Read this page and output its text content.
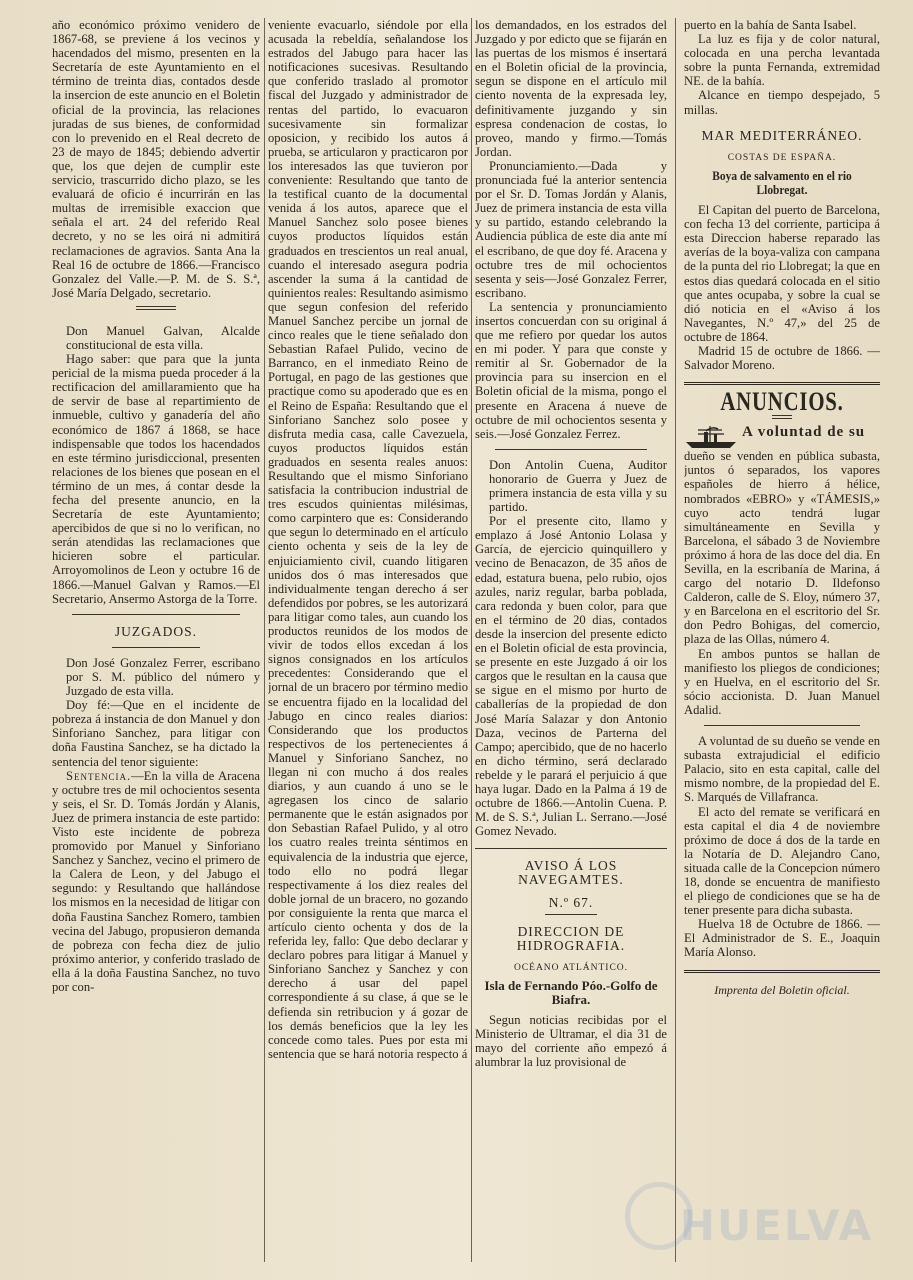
año económico próximo venidero de 1867-68, se previene á los vecinos y hacendados del mismo, presenten en la Secretaría de este Ayuntamiento en el término de treinta dias, contados desde la insercion de este anuncio en el Boletin oficial de la provincia, las relaciones juradas de sus bienes, de conformidad con lo prevenido en el Real decreto de 23 de mayo de 1845; debiendo advertir que, los que dejen de cumplir este servicio, trascurrido dicho plazo, se les evaluará de oficio é incurrirán en las multas de irremisible exaccion que señala el art. 24 del referido Real decreto, y no se les oirá ni admitirá reclamaciones de agravios. Santa Ana la Real 16 de octubre de 1866.—Francisco Gonzalez del Valle.—P. M. de S. S.ª, José María Delgado, secretario.

Don Manuel Galvan, Alcalde constitucional de esta villa.

Hago saber: que para que la junta pericial de la misma pueda proceder á la rectificacion del amillaramiento que ha de servir de base al repartimiento de inmueble, cultivo y ganadería del año económico de 1867 á 1868, se hace indispensable que todos los hacendados en este término jurisdiccional, presenten relaciones de los bienes que posean en el término de un mes, á contar desde la fecha del presente anuncio, en la Secretaría de este Ayuntamiento; apercibidos de que si no lo verifican, no serán atendidas las reclamaciones que hicieren sobre el particular. Arroyomolinos de Leon y octubre 16 de 1866.—Manuel Galvan y Ramos.—El Secretario, Ansermo Astorga de la Torre.

JUZGADOS.

Don José Gonzalez Ferrer, escribano por S. M. público del número y Juzgado de esta villa.

Doy fé:—Que en el incidente de pobreza á instancia de don Manuel y don Sinforiano Sanchez, para litigar con doña Faustina Sanchez, se ha dictado la sentencia del tenor siguiente:

Sentencia.—En la villa de Aracena y octubre tres de mil ochocientos sesenta y seis, el Sr. D. Tomás Jordán y Alanis, Juez de primera instancia de este partido: Visto este incidente de pobreza promovido por Manuel y Sinforiano Sanchez y Sanchez, vecino el primero de la Calera de Leon, y del Jabugo el segundo: y Resultando que hallándose los mismos en la necesidad de litigar con doña Faustina Sanchez Romero, tambien vecina del Jabugo, propusieron demanda de pobreza con fecha diez de julio próximo anterior, y conferido traslado de ella á la doña Faustina Sanchez, no tuvo por con-

veniente evacuarlo, siéndole por ella acusada la rebeldía, señalandose los estrados del Jabugo para hacer las notificaciones sucesivas. Resultando que conferido traslado al promotor fiscal del Juzgado y administrador de rentas del partido, lo evacuaron sucesivamente sin formalizar oposicion, y recibido los autos á prueba, se articularon y practicaron por los interesados las que tuvieron por conveniente: Resultando que tanto de la testifical cuanto de la documental venida á los autos, aparece que el Manuel Sanchez solo posee bienes cuyos productos líquidos están graduados en trescientos un real anual, cuando el interesado asegura podria ascender la suma á la cantidad de quinientos reales: Resultando asimismo que segun confesion del referido Manuel Sanchez percibe un jornal de cinco reales que le tiene señalado don Sebastian Rafael Pulido, vecino de Barranco, en el inmediato Reino de Portugal, en pago de las gestiones que practique como su apoderado que es en el Reino de España: Resultando que el Sinforiano Sanchez solo posee y disfruta media casa, calle Cavezuela, cuyos productos líquidos están graduados en sesenta reales anuos: Resultando que el mismo Sinforiano satisfacia la contribucion industrial de tres escudos quinientas milésimas, como carpintero que es: Considerando que segun lo determinado en el artículo ciento ochenta y seis de la ley de enjuiciamiento civil, cuando litigaren unidos dos ó mas interesados que individualmente tengan derecho á ser defendidos por pobres, se les autorizará para litigar como tales, aun cuando los productos reunidos de los modos de vivir de todos ellos excedan á los signos consignados en los artículos precedentes: Considerando que el jornal de un bracero por término medio se encuentra fijado en la localidad del Jabugo en cinco reales diarios: Considerando que los productos respectivos de los pertenecientes á Manuel y Sinforiano Sanchez, no llegan ni con mucho á dos reales diarios, y aun cuando á uno se le agregasen los cinco de salario permanente que le están asignados por don Sebastian Rafael Pulido, y al otro los cuatro reales treinta séntimos en equivalencia de la industria que ejerce, todo ello no podrá llegar respectivamente á los diez reales del doble jornal de un bracero, no gozando por consiguiente la renta que marca el artículo ciento ochenta y dos de la referida ley, fallo: Que debo declarar y declaro pobres para litigar á Manuel y Sinforiano Sanchez y Sanchez y con derecho á usar del papel correspondiente á su clase, á que se le defienda sin retribucion y á gozar de los demás beneficios que la ley les concede como tales. Pues por esta mi sentencia que se hará notoria respecto á

los demandados, en los estrados del Juzgado y por edicto que se fijarán en las puertas de los mismos é insertará en el Boletin oficial de la provincia, segun se dispone en el artículo mil ciento noventa de la expresada ley, definitivamente juzgando y sin espresa condenacion de costas, lo proveo, mando y firmo.—Tomás Jordan.

Pronunciamiento.—Dada y pronunciada fué la anterior sentencia por el Sr. D. Tomas Jordán y Alanis, Juez de primera instancia de esta villa y su partido, estando celebrando la Audiencia pública de este dia ante mí el escribano, de que doy fé. Aracena y octubre tres de mil ochocientos sesenta y seis—José Gonzalez Ferrer, escribano.

La sentencia y pronunciamiento insertos concuerdan con su original á que me refiero por quedar los autos en mi poder. Y para que conste y remitir al Sr. Gobernador de la provincia para su insercion en el Boletin oficial de la misma, pongo el presente en Aracena á nueve de octubre de mil ochocientos sesenta y seis.—José Gonzalez Ferrez.

Don Antolin Cuena, Auditor honorario de Guerra y Juez de primera instancia de esta villa y su partido.

Por el presente cito, llamo y emplazo á José Antonio Lolasa y García, de ejercicio quinquillero y vecino de Benacazon, de 35 años de edad, estatura buena, pelo rubio, ojos azules, nariz regular, barba poblada, cara redonda y buen color, para que en el término de 20 dias, contados desde la insercion del presente edicto en el Boletin oficial de esta provincia, se presente en este Juzgado á oir los cargos que le resultan en la causa que se sigue en el mismo por hurto de caballerías de la propiedad de don José María Salazar y don Antonio Daza, vecinos de Parterna del Campo; apercibido, que de no hacerlo en dicho término, será declarado rebelde y le parará el perjuicio á que haya lugar. Dado en la Palma á 19 de octubre de 1866.—Antolin Cuena. P. M. de S. S.ª, Julian L. Serrano.—José Gomez Nevado.

AVISO Á LOS NAVEGAMTES.
N.º 67.
DIRECCION DE HIDROGRAFIA.
OCÉANO ATLÁNTICO.
Isla de Fernando Póo.-Golfo de Biafra.

Segun noticias recibidas por el Ministerio de Ultramar, el dia 31 de mayo del corriente año empezó á alumbrar la luz provisional de

puerto en la bahía de Santa Isabel.

La luz es fija y de color natural, colocada en una percha levantada sobre la punta Fernanda, extremidad NE. de la bahía.

Alcance en tiempo despejado, 5 millas.

MAR MEDITERRÁNEO.
COSTAS DE ESPAÑA.
Boya de salvamento en el rio Llobregat.

El Capitan del puerto de Barcelona, con fecha 13 del corriente, participa á esta Direccion haberse reparado las averías de la boya-valiza con campana de la punta del rio Llobregat; la que en estos dias quedará colocada en el sitio que antes ocupaba, y sobre la cual se dió noticia en el «Aviso á los Navegantes, N.º 47,» del 25 de octubre de 1864.

Madrid 15 de octubre de 1866. —Salvador Moreno.

ANUNCIOS.
A voluntad de su

dueño se venden en pública subasta, juntos ó separados, los vapores españoles de hierro á hélice, nombrados «EBRO» y «TÁMESIS,» cuyo acto tendrá lugar simultáneamente en Sevilla y Barcelona, el sábado 3 de Noviembre próximo á hora de las doce del dia. En Sevilla, en la escribanía de Marina, á cargo del notario D. Ildefonso Calderon, calle de S. Eloy, número 37, y en Barcelona en el escritorio del Sr. don Pedro Bohigas, del comercio, plaza de las Ollas, número 4.

En ambos puntos se hallan de manifiesto los pliegos de condiciones; y en Huelva, en el escritorio del Sr. sócio accionista. D. Juan Manuel Adalid.

A voluntad de su dueño se vende en subasta extrajudicial el edificio Palacio, sito en esta capital, calle del mismo nombre, de la propiedad del E. S. Marqués de Villafranca.

El acto del remate se verificará en esta capital el dia 4 de noviembre próximo de doce á dos de la tarde en la Notaría de D. Alejandro Cano, situada calle de la Concepcion número 18, donde se encuentra de manifiesto el pliego de condiciones que se ha de tener presente para dicha subasta.

Huelva 18 de Octubre de 1866. —El Administrador de S. E., Joaquin María Alonso.

Imprenta del Boletin oficial.
HUELVA
